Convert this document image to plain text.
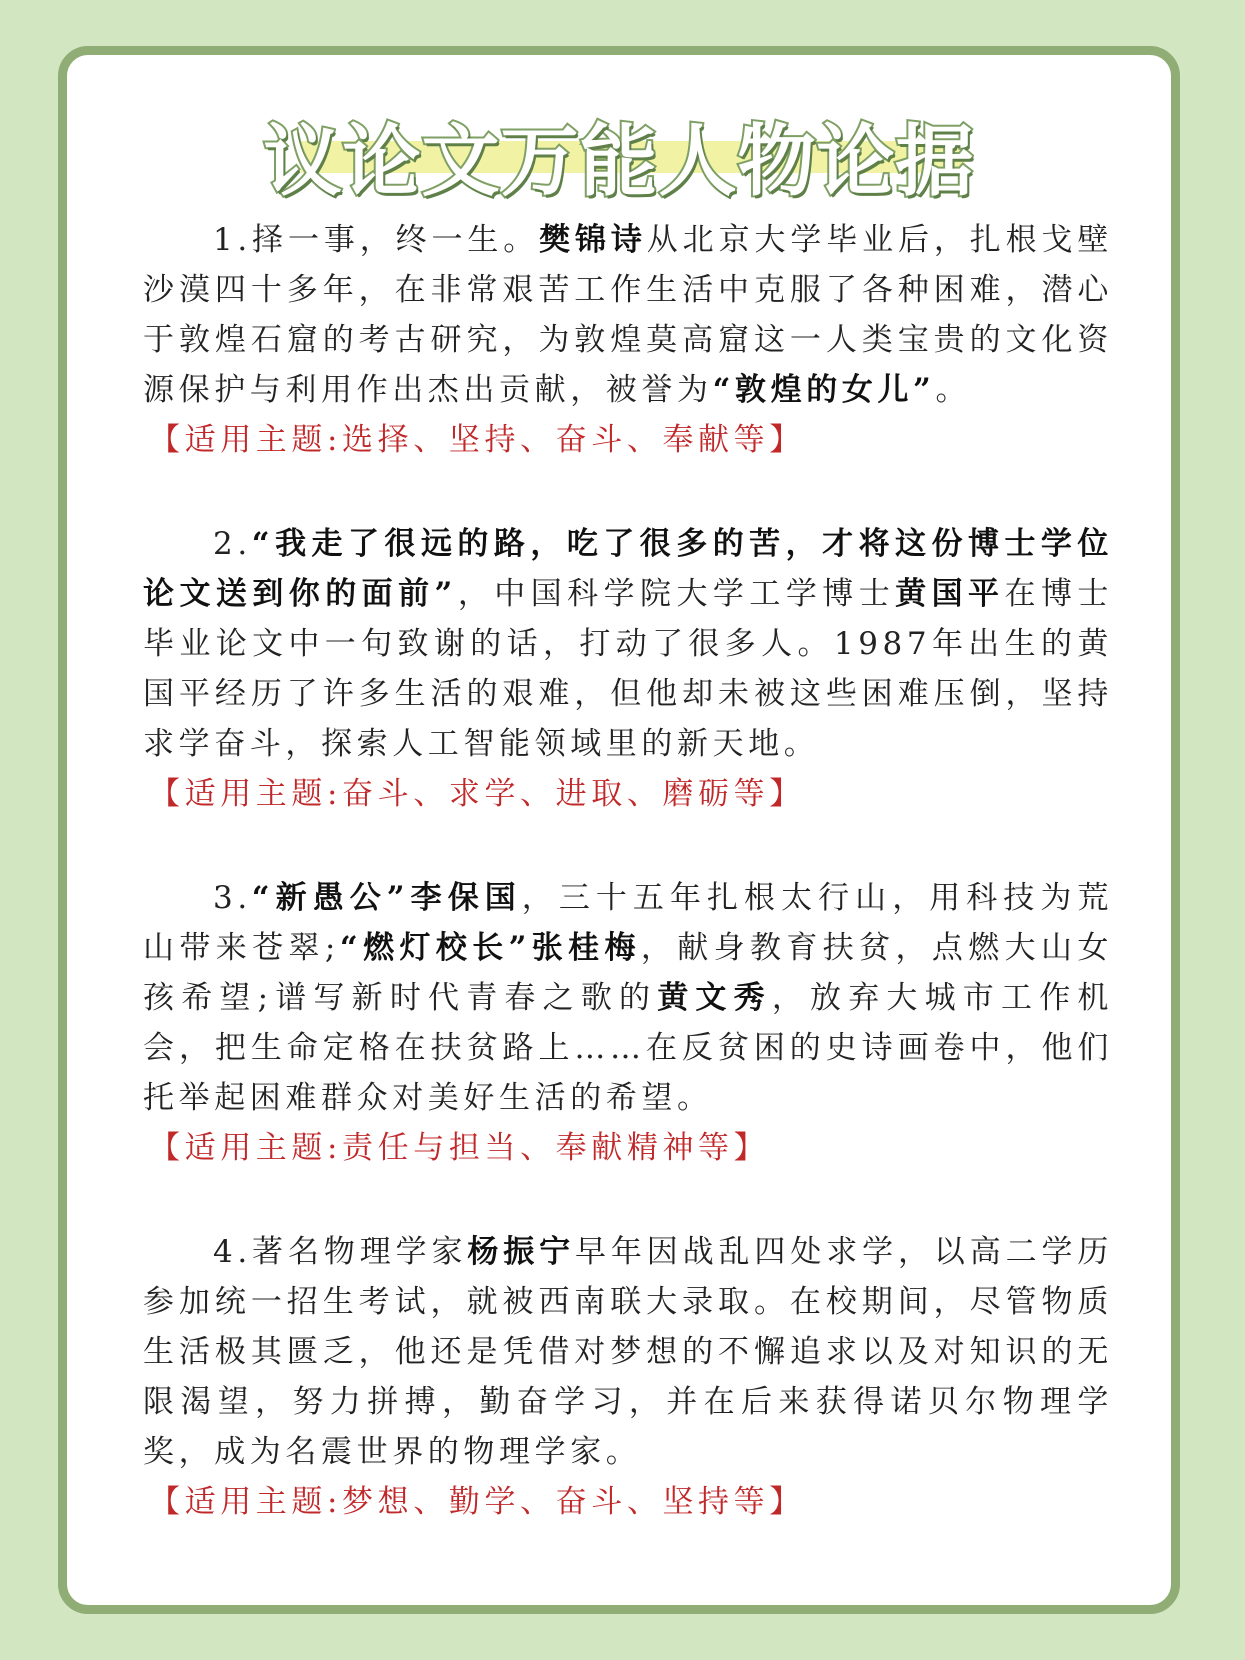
议论文万能人物论据
1.择一事，终一生。樊锦诗从北京大学毕业后，扎根戈壁沙漠四十多年，在非常艰苦工作生活中克服了各种困难，潜心于敦煌石窟的考古研究，为敦煌莫高窟这一人类宝贵的文化资源保护与利用作出杰出贡献，被誉为“敦煌的女儿”。
【适用主题:选择、坚持、奋斗、奉献等】
2.“我走了很远的路，吃了很多的苦，才将这份博士学位论文送到你的面前”，中国科学院大学工学博士黄国平在博士毕业论文中一句致谢的话，打动了很多人。1987年出生的黄国平经历了许多生活的艰难，但他却未被这些困难压倒，坚持求学奋斗，探索人工智能领域里的新天地。
【适用主题:奋斗、求学、进取、磨砺等】
3.“新愚公”李保国，三十五年扎根太行山，用科技为荒山带来苍翠;“燃灯校长”张桂梅，献身教育扶贫，点燃大山女孩希望;谱写新时代青春之歌的黄文秀，放弃大城市工作机会，把生命定格在扶贫路上……在反贫困的史诗画卷中，他们托举起困难群众对美好生活的希望。
【适用主题:责任与担当、奉献精神等】
4.著名物理学家杨振宁早年因战乱四处求学，以高二学历参加统一招生考试，就被西南联大录取。在校期间，尽管物质生活极其匮乏，他还是凭借对梦想的不懈追求以及对知识的无限渴望，努力拼搏，勤奋学习，并在后来获得诺贝尔物理学奖，成为名震世界的物理学家。
【适用主题:梦想、勤学、奋斗、坚持等】
